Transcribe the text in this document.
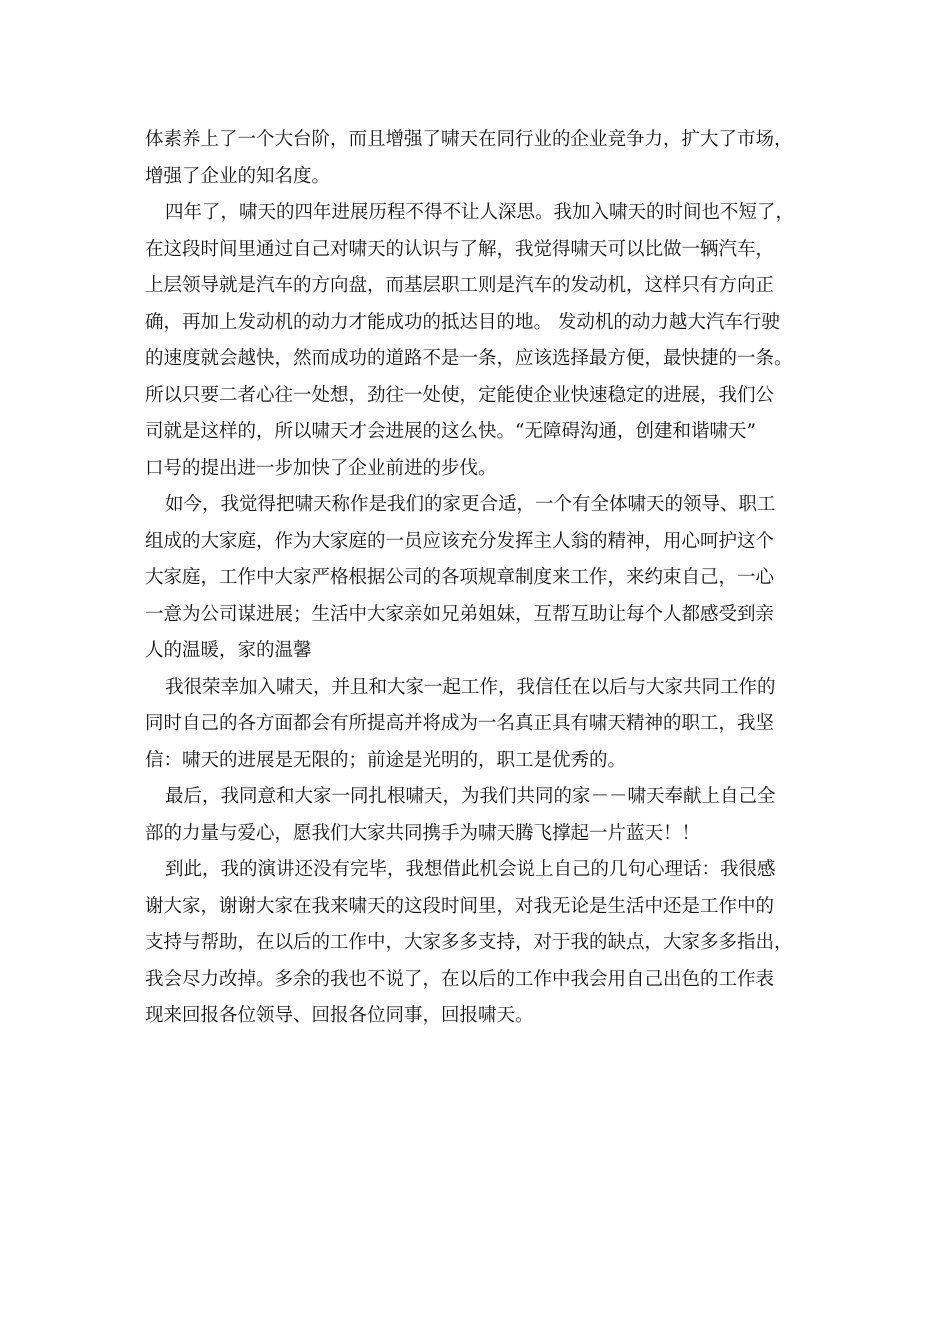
体素养上了一个大台阶，而且增强了啸天在同行业的企业竞争力，扩大了市场，
增强了企业的知名度。
四年了，啸天的四年进展历程不得不让人深思。我加入啸天的时间也不短了，
在这段时间里通过自己对啸天的认识与了解，我觉得啸天可以比做一辆汽车，
上层领导就是汽车的方向盘，而基层职工则是汽车的发动机，这样只有方向正
确，再加上发动机的动力才能成功的抵达目的地。 发动机的动力越大汽车行驶
的速度就会越快，然而成功的道路不是一条，应该选择最方便，最快捷的一条。
所以只要二者心往一处想，劲往一处使，定能使企业快速稳定的进展，我们公
司就是这样的，所以啸天才会进展的这么快。“无障碍沟通，创建和谐啸天”
口号的提出进一步加快了企业前进的步伐。
如今，我觉得把啸天称作是我们的家更合适，一个有全体啸天的领导、职工
组成的大家庭，作为大家庭的一员应该充分发挥主人翁的精神，用心呵护这个
大家庭，工作中大家严格根据公司的各项规章制度来工作，来约束自己，一心
一意为公司谋进展；生活中大家亲如兄弟姐妹，互帮互助让每个人都感受到亲
人的温暖，家的温馨
我很荣幸加入啸天，并且和大家一起工作，我信任在以后与大家共同工作的
同时自己的各方面都会有所提高并将成为一名真正具有啸天精神的职工，我坚
信：啸天的进展是无限的；前途是光明的，职工是优秀的。
最后，我同意和大家一同扎根啸天，为我们共同的家－－啸天奉献上自己全
部的力量与爱心，愿我们大家共同携手为啸天腾飞撑起一片蓝天！！
到此，我的演讲还没有完毕，我想借此机会说上自己的几句心理话：我很感
谢大家，谢谢大家在我来啸天的这段时间里，对我无论是生活中还是工作中的
支持与帮助，在以后的工作中，大家多多支持，对于我的缺点，大家多多指出，
我会尽力改掉。多余的我也不说了，在以后的工作中我会用自己出色的工作表
现来回报各位领导、回报各位同事，回报啸天。
